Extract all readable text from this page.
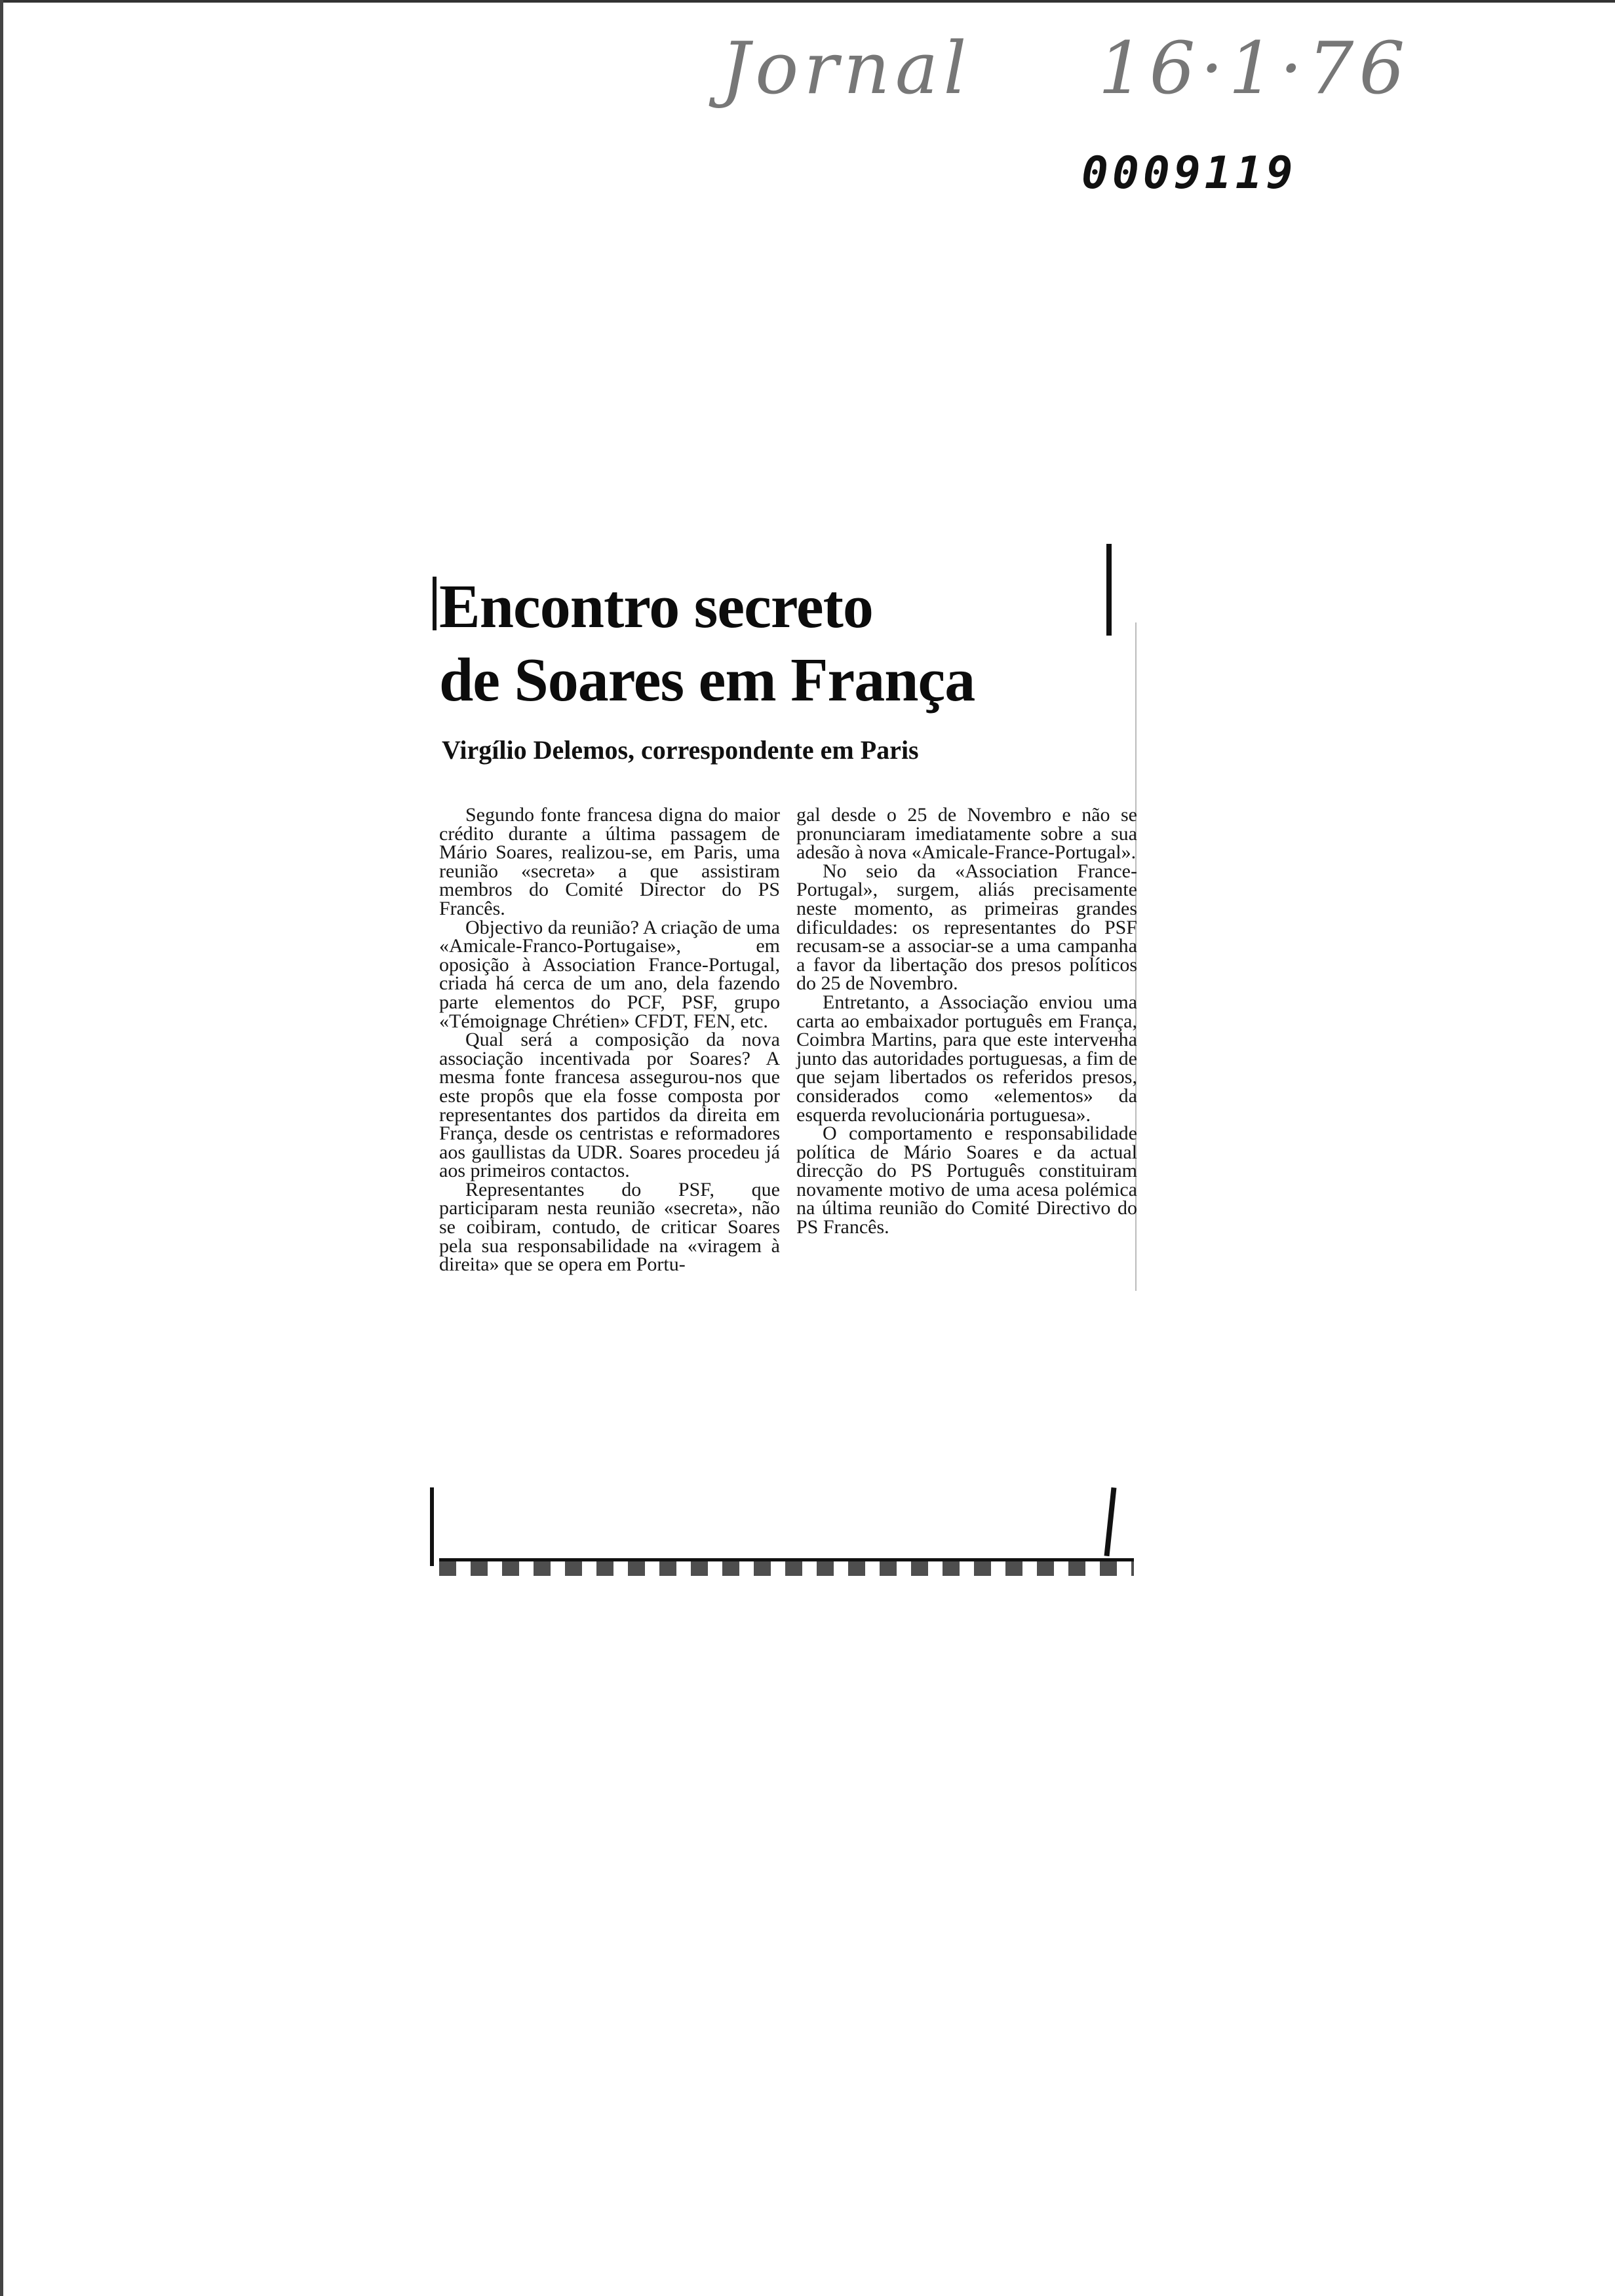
Jornal 16·1·76
0009119
Encontro secreto
de Soares em França
Virgílio Delemos, correspondente em Paris

Segundo fonte francesa digna do maior crédito durante a última passagem de Mário Soares, realizou-se, em Paris, uma reunião «secreta» a que assistiram membros do Comité Director do PS Francês.

Objectivo da reunião? A criação de uma «Amicale-Franco-Portugaise», em oposição à Association France-Portugal, criada há cerca de um ano, dela fazendo parte elementos do PCF, PSF, grupo «Témoignage Chrétien» CFDT, FEN, etc.

Qual será a composição da nova associação incentivada por Soares? A mesma fonte francesa assegurou-nos que este propôs que ela fosse composta por representantes dos partidos da direita em França, desde os centristas e reformadores aos gaullistas da UDR. Soares procedeu já aos primeiros contactos.

Representantes do PSF, que participaram nesta reunião «secreta», não se coibiram, contudo, de criticar Soares pela sua responsabilidade na «viragem à direita» que se opera em Portu-

gal desde o 25 de Novembro e não se pronunciaram imediatamente sobre a sua adesão à nova «Amicale-France-Portugal».

No seio da «Association France-Portugal», surgem, aliás precisamente neste momento, as primeiras grandes dificuldades: os representantes do PSF recusam-se a associar-se a uma campanha a favor da libertação dos presos políticos do 25 de Novembro.

Entretanto, a Associação enviou uma carta ao embaixador português em França, Coimbra Martins, para que este interveнha junto das autoridades portuguesas, a fim de que sejam libertados os referidos presos, considerados como «elementos» da esquerda revolucionária portuguesa».

O comportamento e responsabilidade política de Mário Soares e da actual direcção do PS Português constituiram novamente motivo de uma acesa polémica na última reunião do Comité Directivo do PS Francês.
